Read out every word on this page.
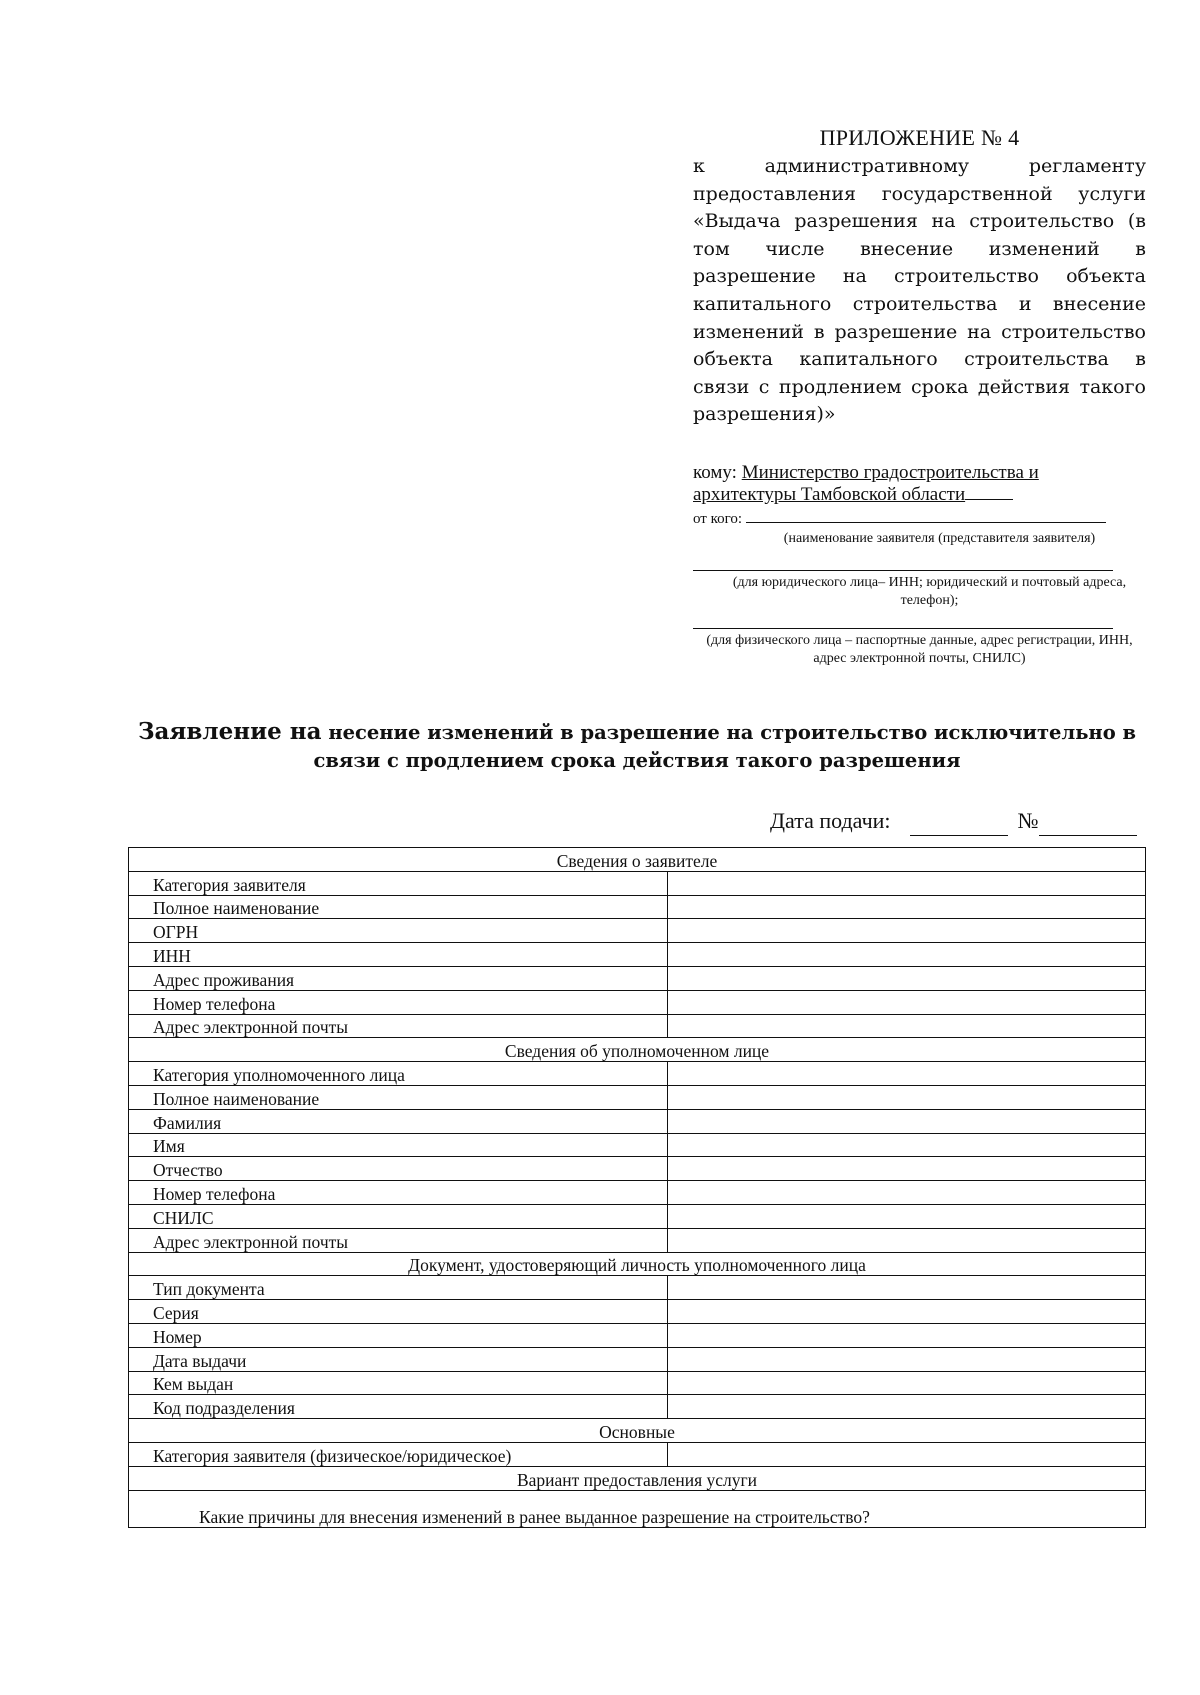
ПРИЛОЖЕНИЕ № 4
к административному регламенту предоставления государственной услуги «Выдача разрешения на строительство (в том числе внесение изменений в разрешение на строительство объекта капитального строительства и внесение изменений в разрешение на строительство объекта капитального строительства в связи с продлением срока действия такого разрешения)»
кому: Министерство градостроительства и
архитектуры Тамбовской области
от кого:
(наименование заявителя (представителя заявителя)
(для юридического лица– ИНН; юридический и почтовый адреса, телефон);
(для физического лица – паспортные данные, адрес регистрации, ИНН, адрес электронной почты, СНИЛС)
Заявление на несение изменений в разрешение на строительство исключительно в связи с продлением срока действия такого разрешения
Дата подачи:	№
Сведения о заявителе	
Категория заявителя	
Полное наименование	
ОГРН	
ИНН	
Адрес проживания	
Номер телефона	
Адрес электронной почты	
Сведения об уполномоченном лице	
Категория уполномоченного лица	
Полное наименование	
Фамилия	
Имя	
Отчество	
Номер телефона	
СНИЛС	
Адрес электронной почты	
Документ, удостоверяющий личность уполномоченного лица	
Тип документа	
Серия	
Номер	
Дата выдачи	
Кем выдан	
Код подразделения	
Основные	
Категория заявителя (физическое/юридическое)	
Вариант предоставления услуги	
Какие причины для внесения изменений в ранее выданное разрешение на строительство?	
